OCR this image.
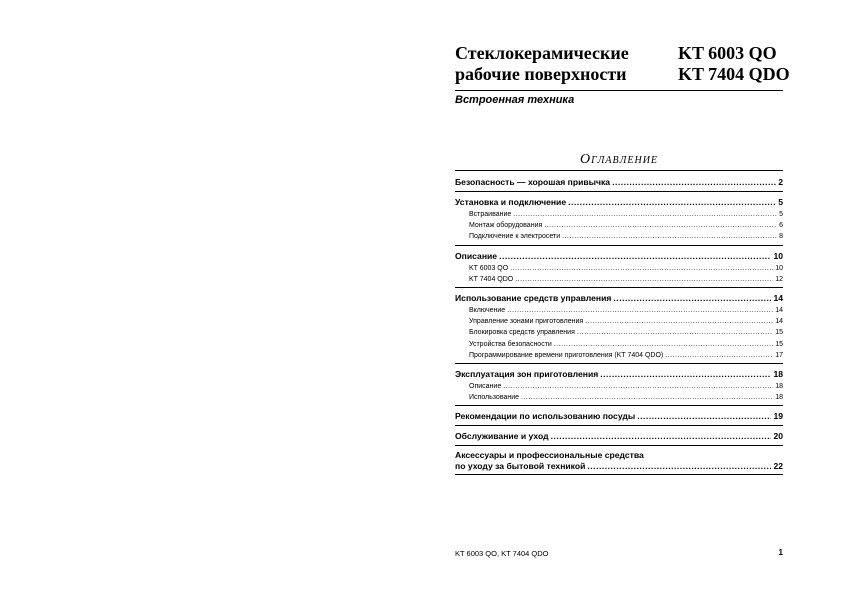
Стеклокерамические
рабочие поверхности
KT 6003 QO
KT 7404 QDO
Встроенная техника
Оглавление
Безопасность — хорошая привычка .....	2
Установка и подключение .....	5
Встраивание .....	5
Монтаж оборудования .....	6
Подключение к электросети .....	8
Описание .....	10
KT 6003 QO .....	10
KT 7404 QDO .....	12
Использование средств управления .....	14
Включение .....	14
Управление зонами приготовления .....	14
Блокировка средств управления .....	15
Устройства безопасности .....	15
Программирование времени приготовления (KT 7404 QDO) .....	17
Эксплуатация зон приготовления .....	18
Описание .....	18
Использование .....	18
Рекомендации по использованию посуды .....	19
Обслуживание и уход .....	20
Аксессуары и профессиональные средства
по уходу за бытовой техникой .....	22
KT 6003 QO, KT 7404 QDO	1
